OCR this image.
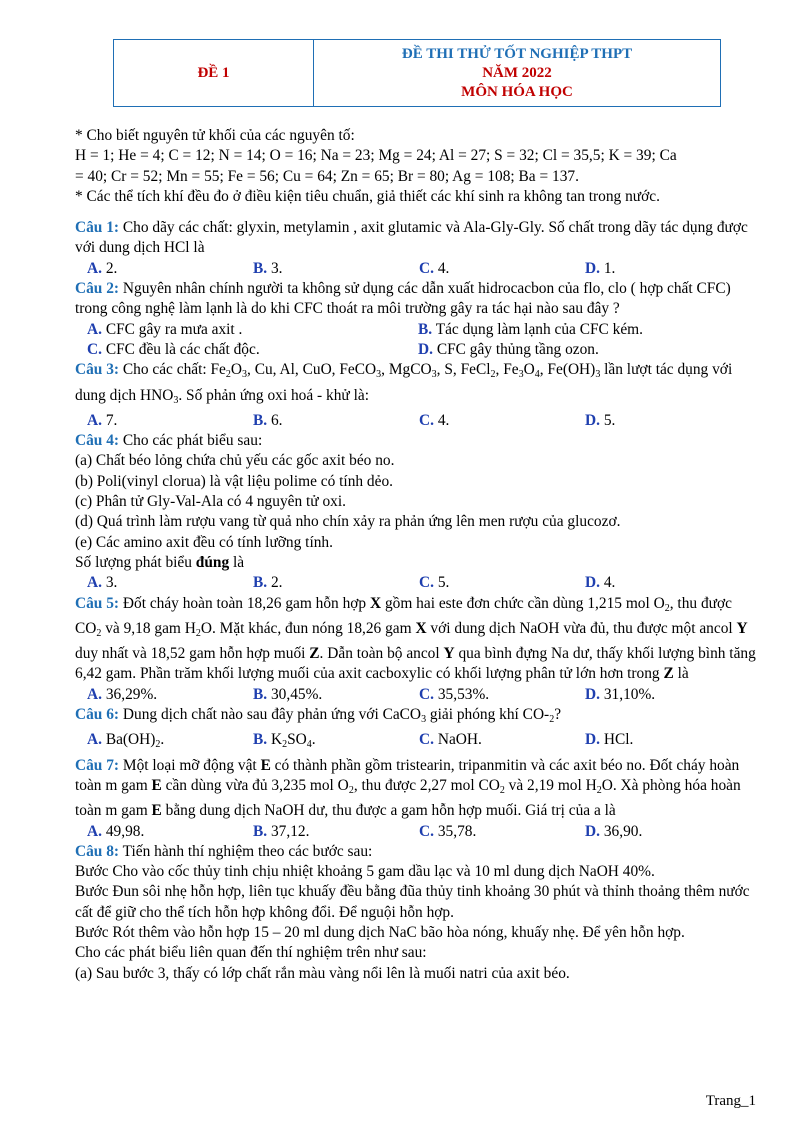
ĐỀ 1
ĐỀ THI THỬ TỐT NGHIỆP THPT
NĂM 2022
MÔN HÓA HỌC

* Cho biết nguyên tử khối của các nguyên tố:

H = 1; He = 4; C = 12; N = 14; O = 16; Na = 23; Mg = 24; Al = 27; S = 32; Cl = 35,5; K = 39; Ca

= 40; Cr = 52; Mn = 55; Fe = 56; Cu = 64; Zn = 65; Br = 80; Ag = 108; Ba = 137.

* Các thể tích khí đều đo ở điều kiện tiêu chuẩn, giả thiết các khí sinh ra không tan trong nước.

Câu 1: Cho dãy các chất: glyxin, metylamin , axit glutamic và Ala-Gly-Gly. Số chất trong dãy tác dụng được với dung dịch HCl là

A. 2.	B. 3.	C. 4.	D. 1.

Câu 2: Nguyên nhân chính người ta không sử dụng các dẫn xuất hidrocacbon của flo, clo ( hợp chất CFC) trong công nghệ làm lạnh là do khi CFC thoát ra môi trường gây ra tác hại nào sau đây ?

A. CFC gây ra mưa axit .	B. Tác dụng làm lạnh của CFC kém.
C. CFC đều là các chất độc.	D. CFC gây thủng tầng ozon.

Câu 3: Cho các chất: $Fe_2O_3$, Cu, Al, CuO, FeCO$_3$, MgCO$_3$, S, FeCl$_2$, $Fe_3O_4$, $Fe(OH)_3$ lần lượt tác dụng với dung dịch $HNO_3$. Số phản ứng oxi hoá - khử là:

A. 7.	B. 6.	C. 4.	D. 5.

Câu 4: Cho các phát biểu sau:

(a) Chất béo lỏng chứa chủ yếu các gốc axit béo no.

(b) Poli(vinyl clorua) là vật liệu polime có tính dẻo.

(c) Phân tử Gly-Val-Ala có 4 nguyên tử oxi.

(d) Quá trình làm rượu vang từ quả nho chín xảy ra phản ứng lên men rượu của glucozơ.

(e) Các amino axit đều có tính lưỡng tính.

Số lượng phát biểu đúng là

A. 3.	B. 2.	C. 5.	D. 4.

Câu 5: Đốt cháy hoàn toàn 18,26 gam hỗn hợp X gồm hai este đơn chức cần dùng 1,215 mol $O_2$, thu được $CO_2$ và 9,18 gam $H_2O$. Mặt khác, đun nóng 18,26 gam X với dung dịch NaOH vừa đủ, thu được một ancol Y duy nhất và 18,52 gam hỗn hợp muối Z. Dẫn toàn bộ ancol Y qua bình đựng Na dư, thấy khối lượng bình tăng 6,42 gam. Phần trăm khối lượng muối của axit cacboxylic có khối lượng phân tử lớn hơn trong Z là

A. 36,29%.	B. 30,45%.	C. 35,53%.	D. 31,10%.

Câu 6: Dung dịch chất nào sau đây phản ứng với CaCO$_3$ giải phóng khí $CO-_2$?

A. $Ba(OH)_2$.	B. $K_2SO_4$.	C. NaOH.	D. HCl.

Câu 7: Một loại mỡ động vật E có thành phần gồm tristearin, tripanmitin và các axit béo no. Đốt cháy hoàn toàn m gam E cần dùng vừa đủ 3,235 mol $O_2$, thu được 2,27 mol $CO_2$ và 2,19 mol $H_2O$. Xà phòng hóa hoàn toàn m gam E bằng dung dịch NaOH dư, thu được a gam hỗn hợp muối. Giá trị của a là

A. 49,98.	B. 37,12.	C. 35,78.	D. 36,90.

Câu 8: Tiến hành thí nghiệm theo các bước sau:

Bước Cho vào cốc thủy tinh chịu nhiệt khoảng 5 gam dầu lạc và 10 ml dung dịch NaOH 40%.

Bước Đun sôi nhẹ hỗn hợp, liên tục khuấy đều bằng đũa thủy tinh khoảng 30 phút và thỉnh thoảng thêm nước cất để giữ cho thể tích hỗn hợp không đổi. Để nguội hỗn hợp.

Bước Rót thêm vào hỗn hợp 15 – 20 ml dung dịch NaC bão hòa nóng, khuấy nhẹ. Để yên hỗn hợp.

Cho các phát biểu liên quan đến thí nghiệm trên như sau:

(a) Sau bước 3, thấy có lớp chất rắn màu vàng nổi lên là muối natri của axit béo.

Trang_1
